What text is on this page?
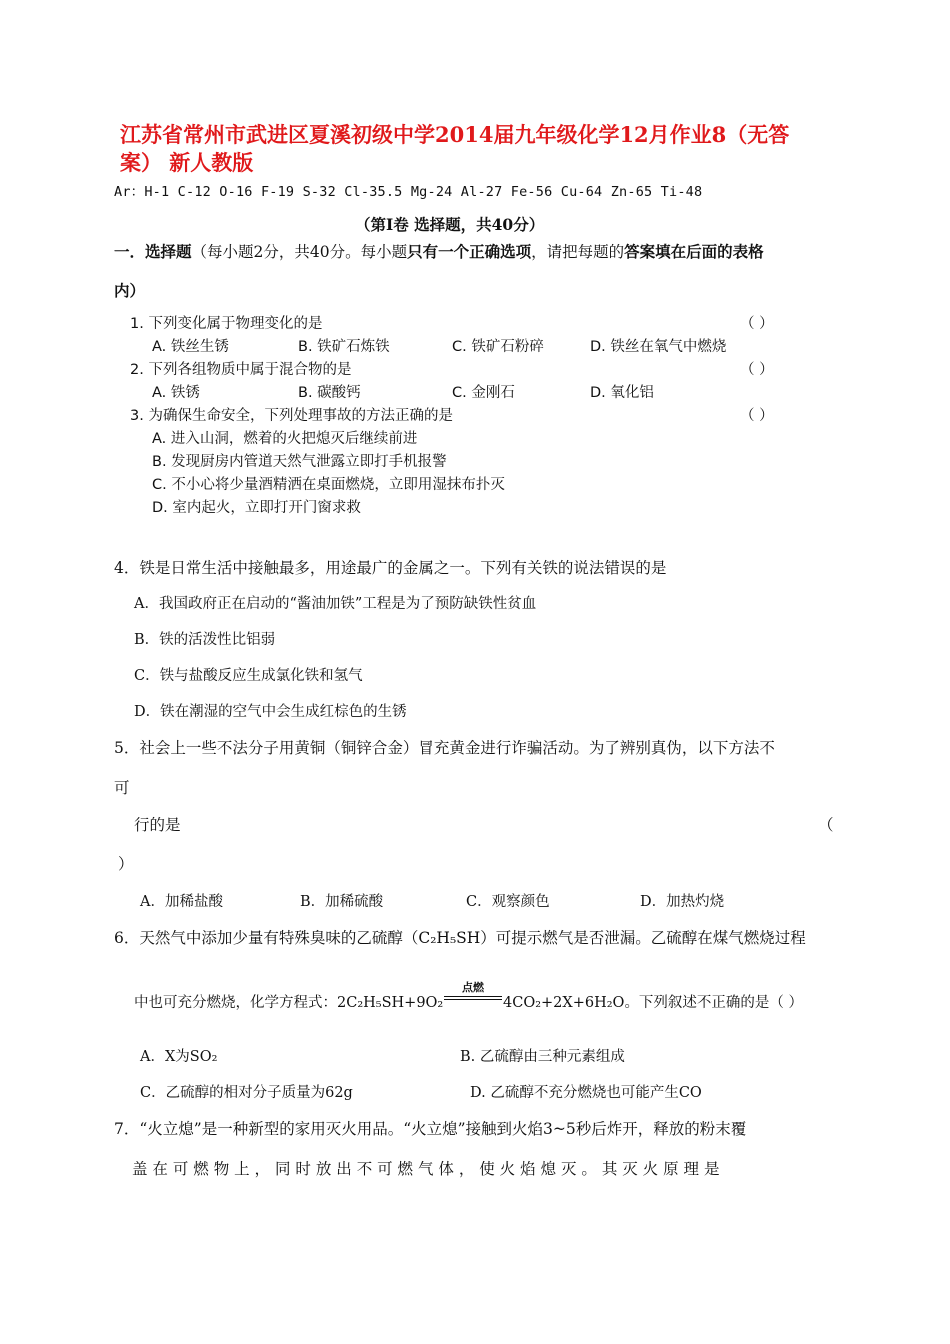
江苏省常州市武进区夏溪初级中学2014届九年级化学12月作业8（无答
案） 新人教版
Ar：H-1 C-12 O-16 F-19 S-32 Cl-35.5 Mg-24 Al-27 Fe-56 Cu-64 Zn-65 Ti-48
（第Ⅰ卷 选择题，共40分）
一．选择题（每小题2分，共40分。每小题只有一个正确选项，请把每题的答案填在后面的表格
内）
1. 下列变化属于物理变化的是	（ ）
A. 铁丝生锈	B. 铁矿石炼铁	C. 铁矿石粉碎	D. 铁丝在氧气中燃烧
2. 下列各组物质中属于混合物的是	（ ）
A. 铁锈	B. 碳酸钙	C. 金刚石	D. 氧化铝
3. 为确保生命安全，下列处理事故的方法正确的是	（ ）
A. 进入山洞，燃着的火把熄灭后继续前进
B. 发现厨房内管道天然气泄露立即打手机报警
C. 不小心将少量酒精洒在桌面燃烧，立即用湿抹布扑灭
D. 室内起火，立即打开门窗求救
4．铁是日常生活中接触最多，用途最广的金属之一。下列有关铁的说法错误的是
A．我国政府正在启动的“酱油加铁”工程是为了预防缺铁性贫血
B．铁的活泼性比铝弱
C．铁与盐酸反应生成氯化铁和氢气
D．铁在潮湿的空气中会生成红棕色的生锈
5．社会上一些不法分子用黄铜（铜锌合金）冒充黄金进行诈骗活动。为了辨别真伪，以下方法不
可
行的是	（
）
A．加稀盐酸	B．加稀硫酸	C．观察颜色	D．加热灼烧
6．天然气中添加少量有特殊臭味的乙硫醇（C₂H₅SH）可提示燃气是否泄漏。乙硫醇在煤气燃烧过程
中也可充分燃烧，化学方程式：2C₂H₅SH+9O₂
点燃
4CO₂+2X+6H₂O。下列叙述不正确的是（ ）
A．X为SO₂	B. 乙硫醇由三种元素组成
C．乙硫醇的相对分子质量为62g	D. 乙硫醇不充分燃烧也可能产生CO
7．“火立熄”是一种新型的家用灭火用品。“火立熄”接触到火焰3~5秒后炸开，释放的粉末覆
盖 在 可 燃 物 上 ， 同 时 放 出 不 可 燃 气 体 ， 使 火 焰 熄 灭 。 其 灭 火 原 理 是
